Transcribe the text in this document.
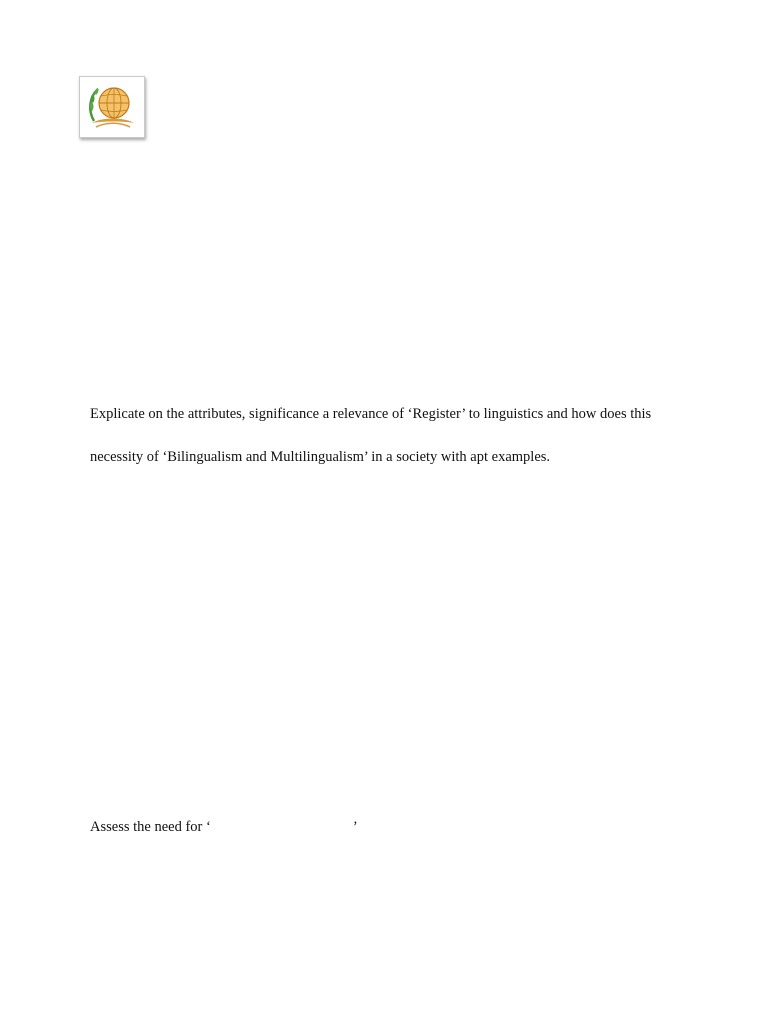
Explicate on the attributes, significance a relevance of ‘Register’ to linguistics and how does this

necessity of ‘Bilingualism and Multilingualism’ in a society with apt examples.

Assess the need for ‘	’
